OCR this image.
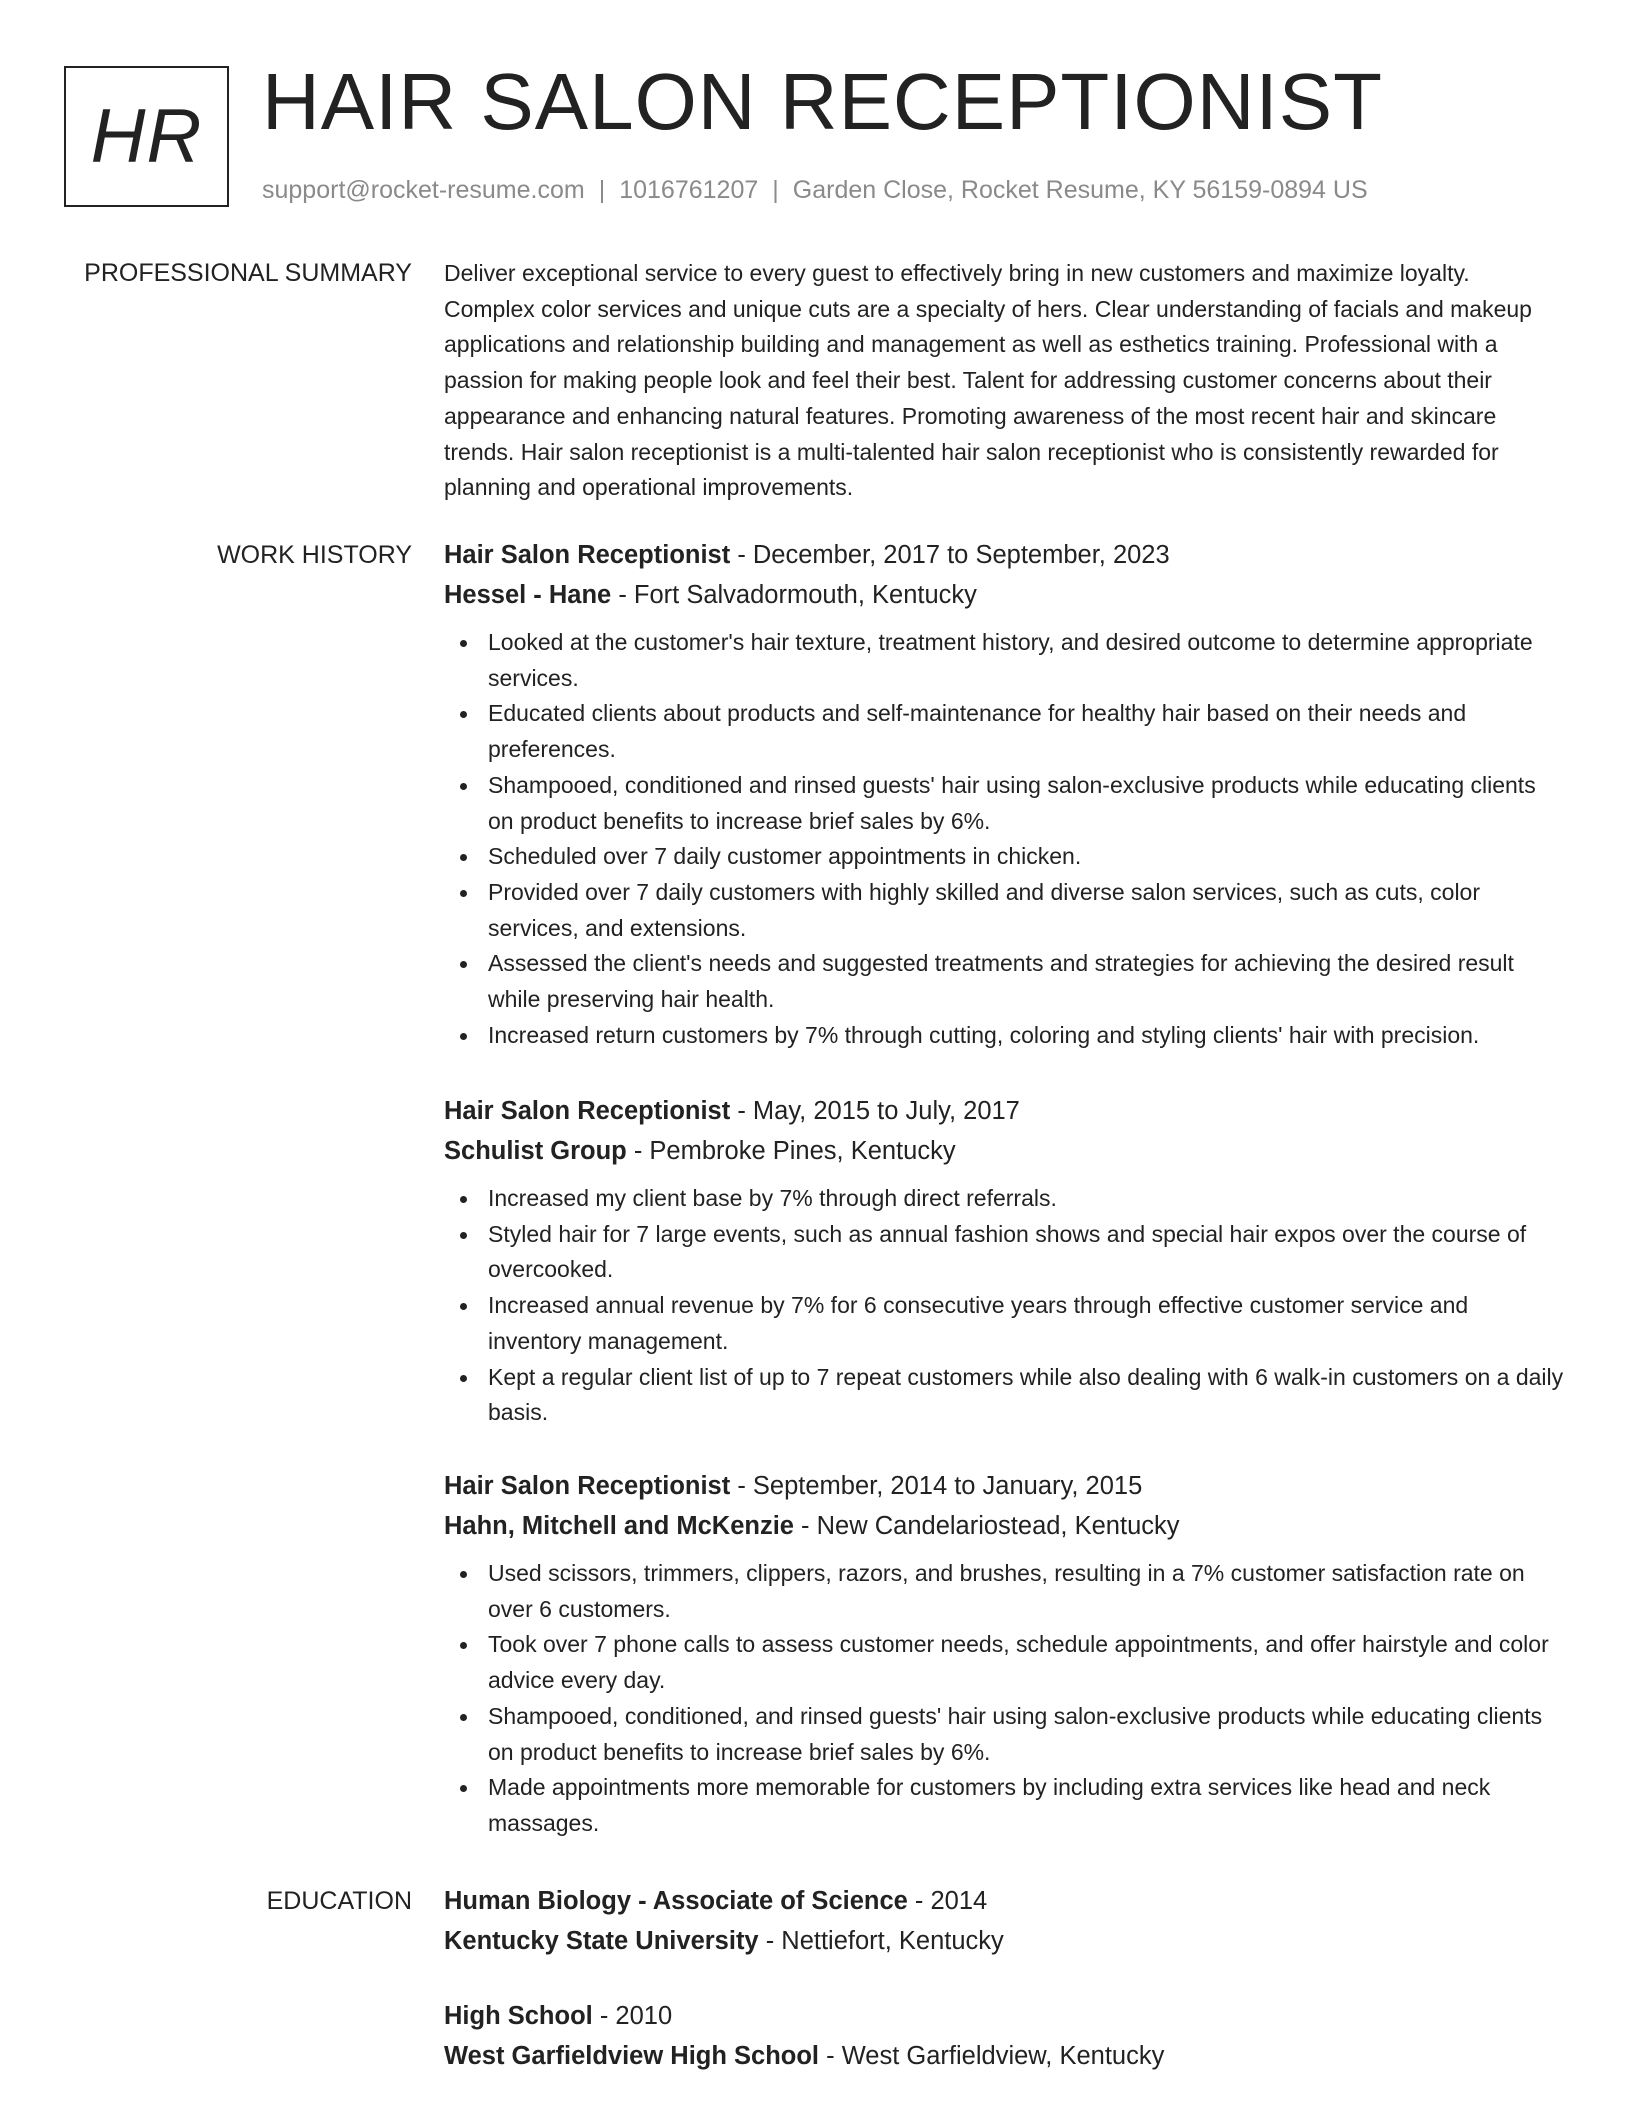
HR HAIR SALON RECEPTIONIST
support@rocket-resume.com | 1016761207 | Garden Close, Rocket Resume, KY 56159-0894 US
PROFESSIONAL SUMMARY Deliver exceptional service to every guest to effectively bring in new customers and maximize loyalty. Complex color services and unique cuts are a specialty of hers. Clear understanding of facials and makeup applications and relationship building and management as well as esthetics training. Professional with a passion for making people look and feel their best. Talent for addressing customer concerns about their appearance and enhancing natural features. Promoting awareness of the most recent hair and skincare trends. Hair salon receptionist is a multi-talented hair salon receptionist who is consistently rewarded for planning and operational improvements.

WORK HISTORY Hair Salon Receptionist - December, 2017 to September, 2023

Hessel - Hane - Fort Salvadormouth, Kentucky

Looked at the customer's hair texture, treatment history, and desired outcome to determine appropriate services.
Educated clients about products and self-maintenance for healthy hair based on their needs and preferences.
Shampooed, conditioned and rinsed guests' hair using salon-exclusive products while educating clients on product benefits to increase brief sales by 6%.
Scheduled over 7 daily customer appointments in chicken.
Provided over 7 daily customers with highly skilled and diverse salon services, such as cuts, color services, and extensions.
Assessed the client's needs and suggested treatments and strategies for achieving the desired result while preserving hair health.
Increased return customers by 7% through cutting, coloring and styling clients' hair with precision.

Hair Salon Receptionist - May, 2015 to July, 2017

Schulist Group - Pembroke Pines, Kentucky

Increased my client base by 7% through direct referrals.
Styled hair for 7 large events, such as annual fashion shows and special hair expos over the course of overcooked.
Increased annual revenue by 7% for 6 consecutive years through effective customer service and inventory management.
Kept a regular client list of up to 7 repeat customers while also dealing with 6 walk-in customers on a daily basis.

Hair Salon Receptionist - September, 2014 to January, 2015

Hahn, Mitchell and McKenzie - New Candelariostead, Kentucky

Used scissors, trimmers, clippers, razors, and brushes, resulting in a 7% customer satisfaction rate on over 6 customers.
Took over 7 phone calls to assess customer needs, schedule appointments, and offer hairstyle and color advice every day.
Shampooed, conditioned, and rinsed guests' hair using salon-exclusive products while educating clients on product benefits to increase brief sales by 6%.
Made appointments more memorable for customers by including extra services like head and neck massages.
EDUCATION Human Biology - Associate of Science - 2014

Kentucky State University - Nettiefort, Kentucky

High School - 2010

West Garfieldview High School - West Garfieldview, Kentucky
